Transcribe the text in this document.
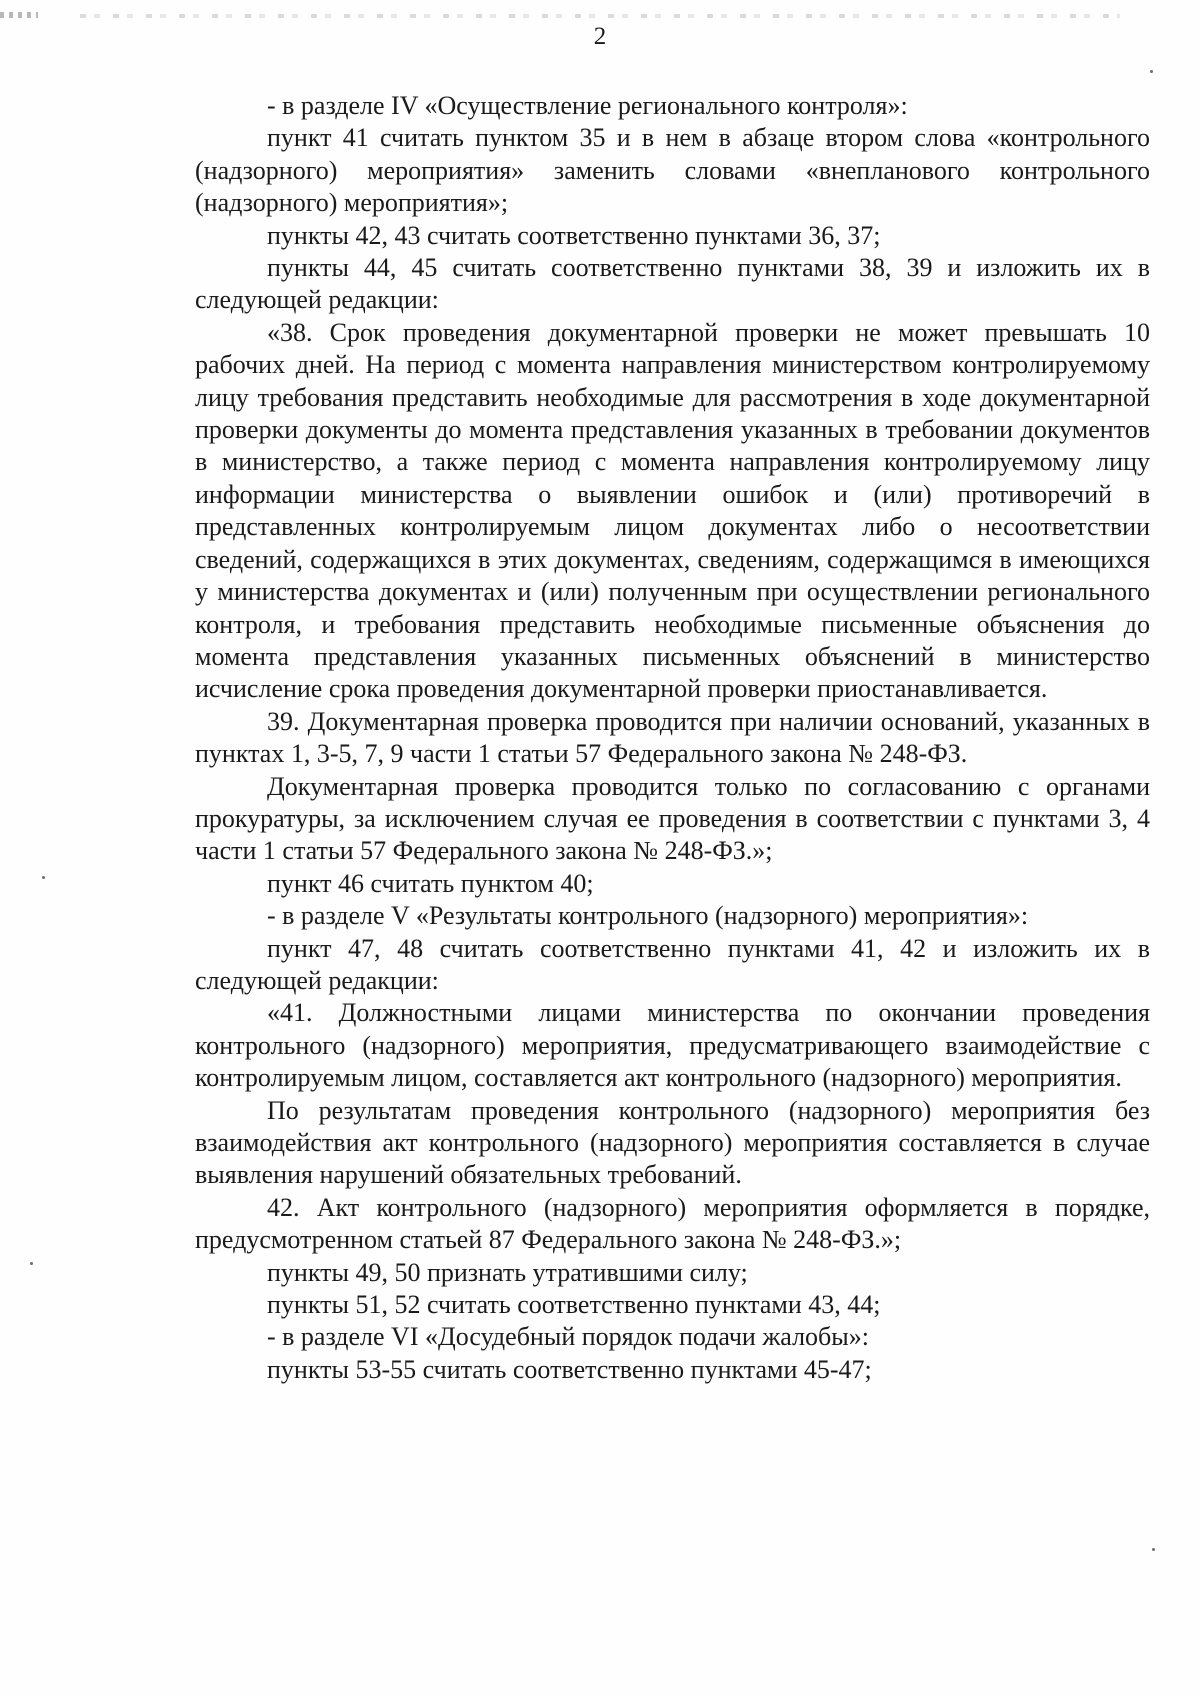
2

- в разделе IV «Осуществление регионального контроля»:

пункт 41 считать пунктом 35 и в нем в абзаце втором слова «контрольного (надзорного) мероприятия» заменить словами «внепланового контрольного (надзорного) мероприятия»;

пункты 42, 43 считать соответственно пунктами 36, 37;

пункты 44, 45 считать соответственно пунктами 38, 39 и изложить их в следующей редакции:

«38. Срок проведения документарной проверки не может превышать 10 рабочих дней. На период с момента направления министерством контролируемому лицу требования представить необходимые для рассмотрения в ходе документарной проверки документы до момента представления указанных в требовании документов в министерство, а также период с момента направления контролируемому лицу информации министерства о выявлении ошибок и (или) противоречий в представленных контролируемым лицом документах либо о несоответствии сведений, содержащихся в этих документах, сведениям, содержащимся в имеющихся у министерства документах и (или) полученным при осуществлении регионального контроля, и требования представить необходимые письменные объяснения до момента представления указанных письменных объяснений в министерство исчисление срока проведения документарной проверки приостанавливается.

39. Документарная проверка проводится при наличии оснований, указанных в пунктах 1, 3-5, 7, 9 части 1 статьи 57 Федерального закона № 248-ФЗ.

Документарная проверка проводится только по согласованию с органами прокуратуры, за исключением случая ее проведения в соответствии с пунктами 3, 4 части 1 статьи 57 Федерального закона № 248-ФЗ.»;

пункт 46 считать пунктом 40;

- в разделе V «Результаты контрольного (надзорного) мероприятия»:

пункт 47, 48 считать соответственно пунктами 41, 42 и изложить их в следующей редакции:

«41. Должностными лицами министерства по окончании проведения контрольного (надзорного) мероприятия, предусматривающего взаимодействие с контролируемым лицом, составляется акт контрольного (надзорного) мероприятия.

По результатам проведения контрольного (надзорного) мероприятия без взаимодействия акт контрольного (надзорного) мероприятия составляется в случае выявления нарушений обязательных требований.

42. Акт контрольного (надзорного) мероприятия оформляется в порядке, предусмотренном статьей 87 Федерального закона № 248-ФЗ.»;

пункты 49, 50 признать утратившими силу;

пункты 51, 52 считать соответственно пунктами 43, 44;

- в разделе VI «Досудебный порядок подачи жалобы»:

пункты 53-55 считать соответственно пунктами 45-47;
